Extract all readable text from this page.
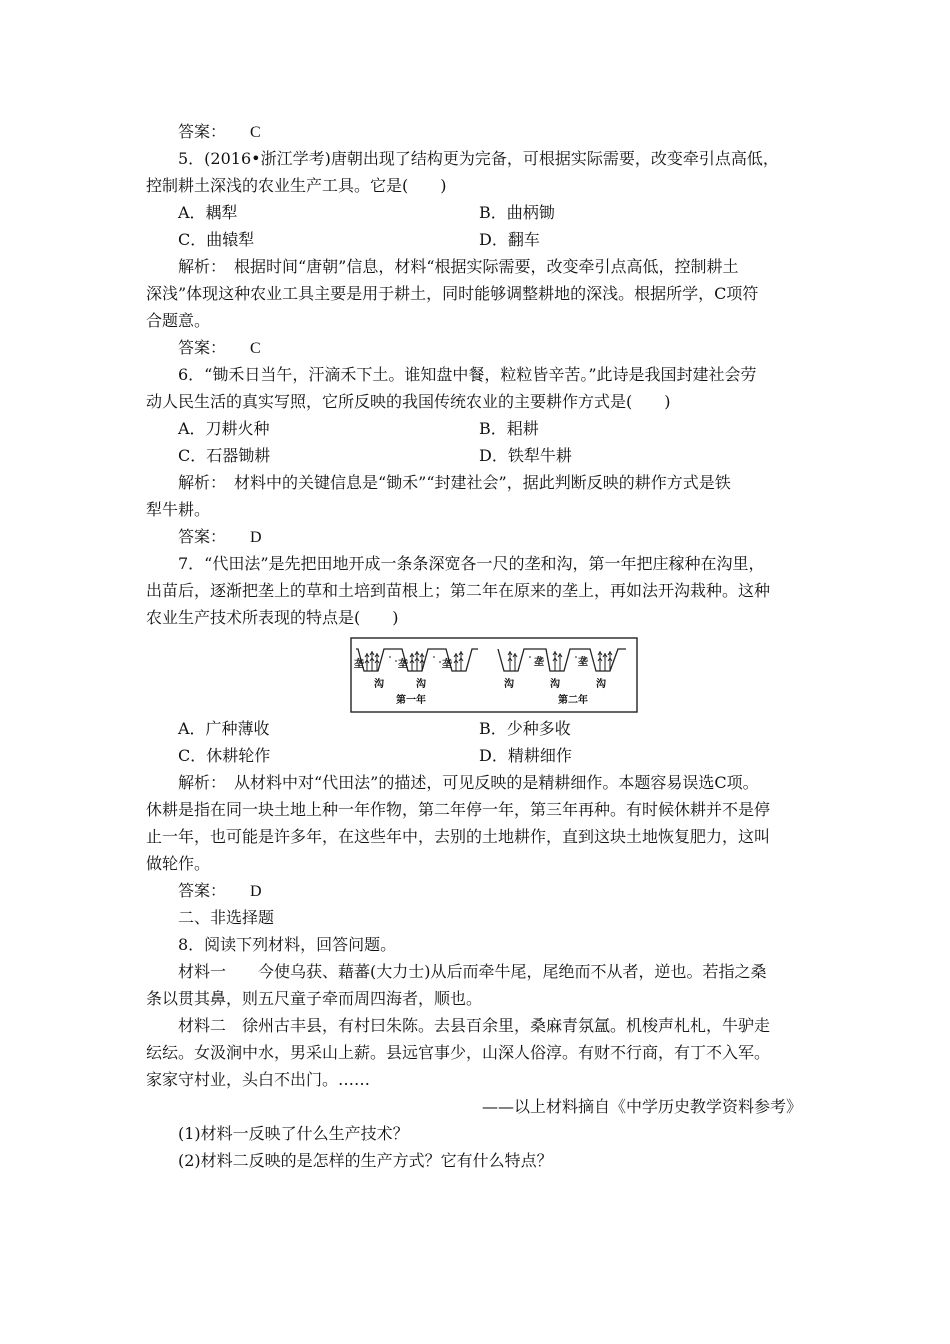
答案： C
5．(2016•浙江学考)唐朝出现了结构更为完备，可根据实际需要，改变牵引点高低，
控制耕土深浅的农业生产工具。它是(　　)
A．耦犁	B．曲柄锄
C．曲辕犁	D．翻车
解析：　根据时间“唐朝”信息，材料“根据实际需要，改变牵引点高低，控制耕土
深浅”体现这种农业工具主要是用于耕土，同时能够调整耕地的深浅。根据所学，C项符
合题意。
答案： C
6．“锄禾日当午，汗滴禾下土。谁知盘中餐，粒粒皆辛苦。”此诗是我国封建社会劳
动人民生活的真实写照，它所反映的我国传统农业的主要耕作方式是(　　)
A．刀耕火种	B．耜耕
C．石器锄耕	D．铁犁牛耕
解析：　材料中的关键信息是“锄禾”“封建社会”，据此判断反映的耕作方式是铁
犁牛耕。
答案： D
7．“代田法”是先把田地开成一条条深宽各一尺的垄和沟，第一年把庄稼种在沟里，
出苗后，逐渐把垄上的草和土培到苗根上；第二年在原来的垄上，再如法开沟栽种。这种
农业生产技术所表现的特点是(　　)
垄	垄	垄	垄	垄
沟	沟	沟	沟	沟
第一年	第二年
A．广种薄收	B．少种多收
C．休耕轮作	D．精耕细作
解析：　从材料中对“代田法”的描述，可见反映的是精耕细作。本题容易误选C项。
休耕是指在同一块土地上种一年作物，第二年停一年，第三年再种。有时候休耕并不是停
止一年，也可能是许多年，在这些年中，去别的土地耕作，直到这块土地恢复肥力，这叫
做轮作。
答案： D
二、非选择题
8．阅读下列材料，回答问题。
材料一　　今使乌获、藉蕃(大力士)从后而牵牛尾，尾绝而不从者，逆也。若指之桑
条以贯其鼻，则五尺童子牵而周四海者，顺也。
材料二　徐州古丰县，有村曰朱陈。去县百余里，桑麻青氛氲。机梭声札札，牛驴走
纭纭。女汲涧中水，男采山上薪。县远官事少，山深人俗淳。有财不行商，有丁不入军。
家家守村业，头白不出门。……
——以上材料摘自《中学历史教学资料参考》
(1)材料一反映了什么生产技术？
(2)材料二反映的是怎样的生产方式？它有什么特点？
